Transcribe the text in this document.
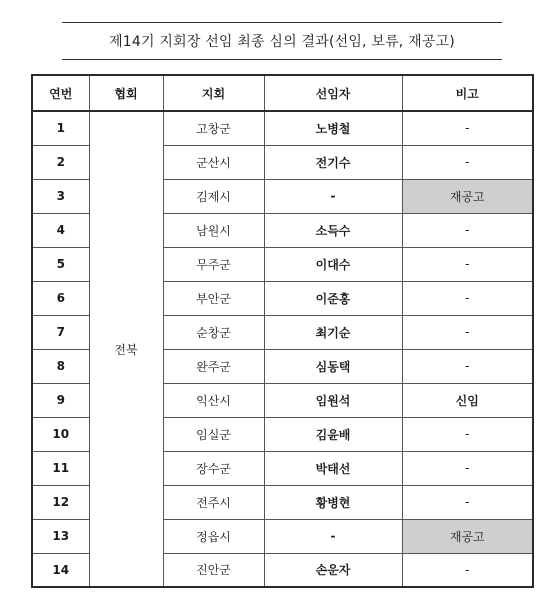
제14기 지회장 선임 최종 심의 결과(선임, 보류, 재공고)
연번	협회	지회	선임자	비고
1	전북	고창군	노병철	-
2		군산시	전기수	-
3		김제시	-	재공고
4		남원시	소득수	-
5		무주군	이대수	-
6		부안군	이준홍	-
7		순창군	최기순	-
8		완주군	심동택	-
9		익산시	임원석	신임
10		임실군	김윤배	-
11		장수군	박태선	-
12		전주시	황병현	-
13		정읍시	-	재공고
14		진안군	손운자	-
